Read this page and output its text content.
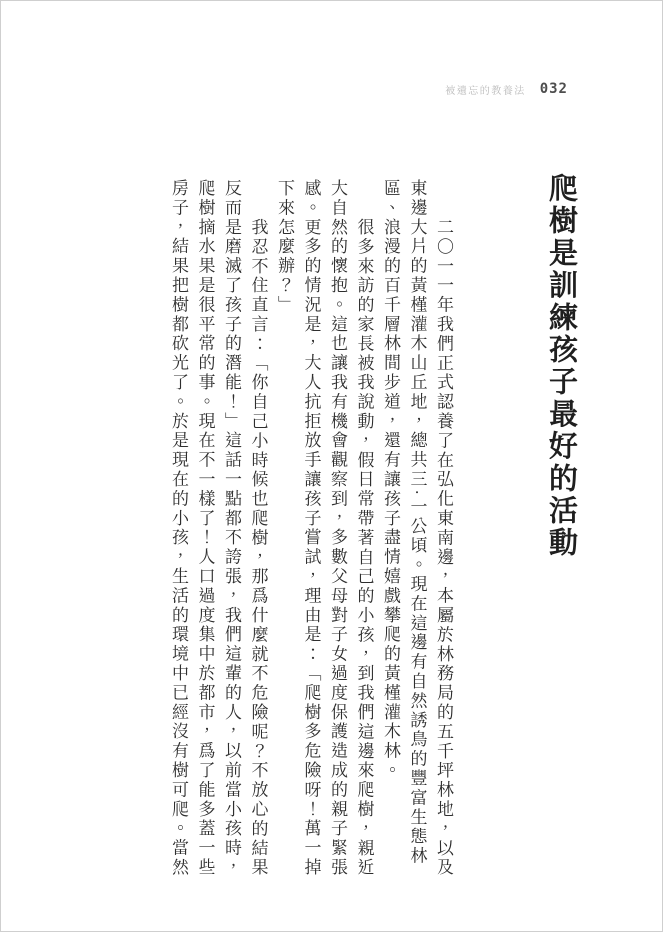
被遺忘的教養法 032
爬樹是訓練孩子最好的活動
二〇一一年我們正式認養了在弘化東南邊，本屬於林務局的五千坪林地，以及
東邊大片的黃槿灌木山丘地，總共三·一公頃。現在這邊有自然誘鳥的豐富生態林
區、浪漫的百千層林間步道，還有讓孩子盡情嬉戲攀爬的黃槿灌木林。
很多來訪的家長被我說動，假日常帶著自己的小孩，到我們這邊來爬樹，親近
大自然的懷抱。這也讓我有機會觀察到，多數父母對子女過度保護造成的親子緊張
感。更多的情況是，大人抗拒放手讓孩子嘗試，理由是：「爬樹多危險呀！萬一掉
下來怎麼辦？」
我忍不住直言：「你自己小時候也爬樹，那爲什麼就不危險呢？不放心的結果
反而是磨滅了孩子的潛能！」這話一點都不誇張，我們這輩的人，以前當小孩時，
爬樹摘水果是很平常的事。現在不一樣了！人口過度集中於都市，爲了能多蓋一些
房子，結果把樹都砍光了。於是現在的小孩，生活的環境中已經沒有樹可爬。當然
